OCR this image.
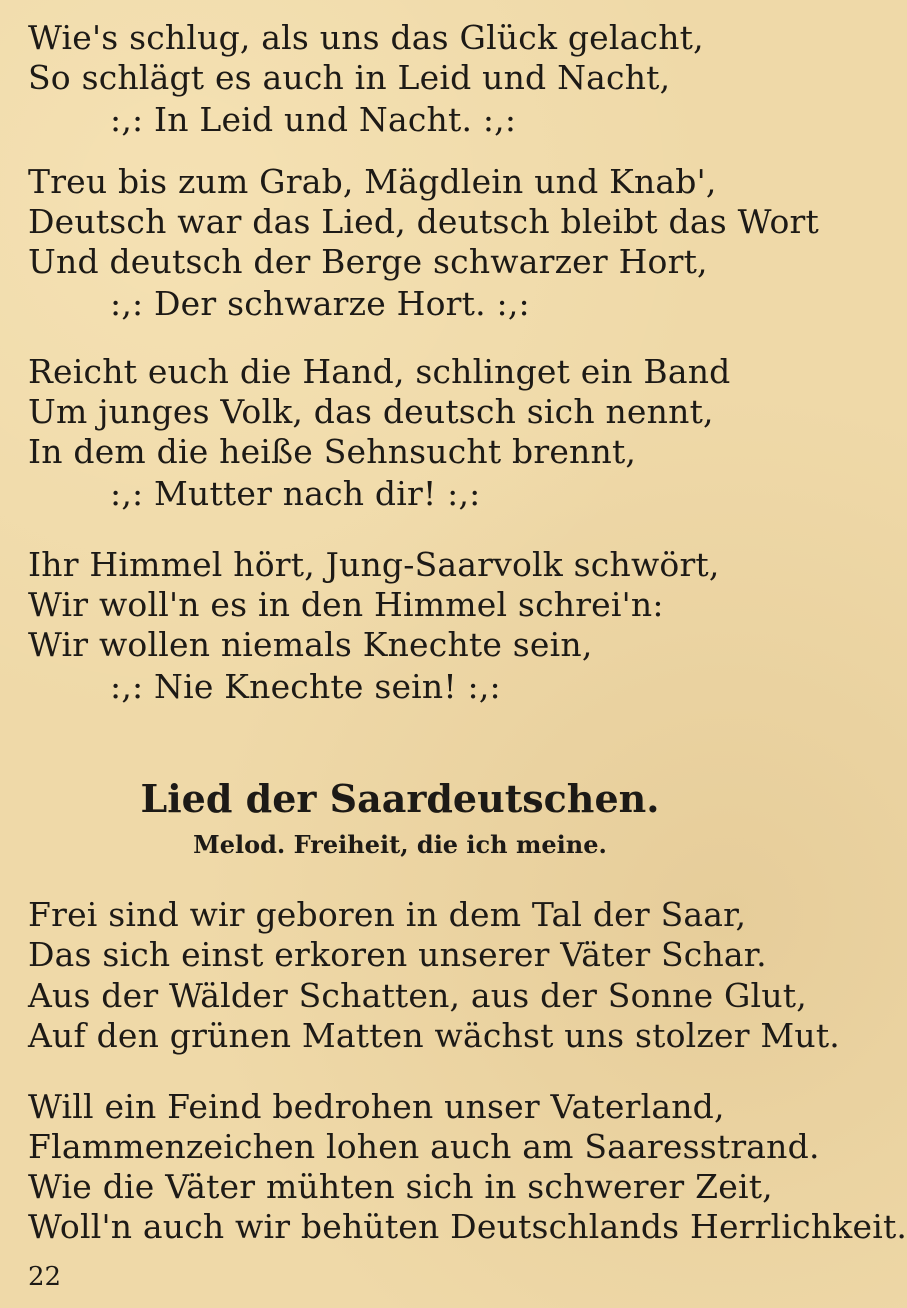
Wie's schlug, als uns das Glück gelacht,
So schlägt es auch in Leid und Nacht,
:,: In Leid und Nacht. :,:
Treu bis zum Grab, Mägdlein und Knab',
Deutsch war das Lied, deutsch bleibt das Wort
Und deutsch der Berge schwarzer Hort,
:,: Der schwarze Hort. :,:
Reicht euch die Hand, schlinget ein Band
Um junges Volk, das deutsch sich nennt,
In dem die heiße Sehnsucht brennt,
:,: Mutter nach dir! :,:
Ihr Himmel hört, Jung-Saarvolk schwört,
Wir woll'n es in den Himmel schrei'n:
Wir wollen niemals Knechte sein,
:,: Nie Knechte sein! :,:
Lied der Saardeutschen.
Melod. Freiheit, die ich meine.
Frei sind wir geboren in dem Tal der Saar,
Das sich einst erkoren unserer Väter Schar.
Aus der Wälder Schatten, aus der Sonne Glut,
Auf den grünen Matten wächst uns stolzer Mut.
Will ein Feind bedrohen unser Vaterland,
Flammenzeichen lohen auch am Saaresstrand.
Wie die Väter mühten sich in schwerer Zeit,
Woll'n auch wir behüten Deutschlands Herrlichkeit.
22
